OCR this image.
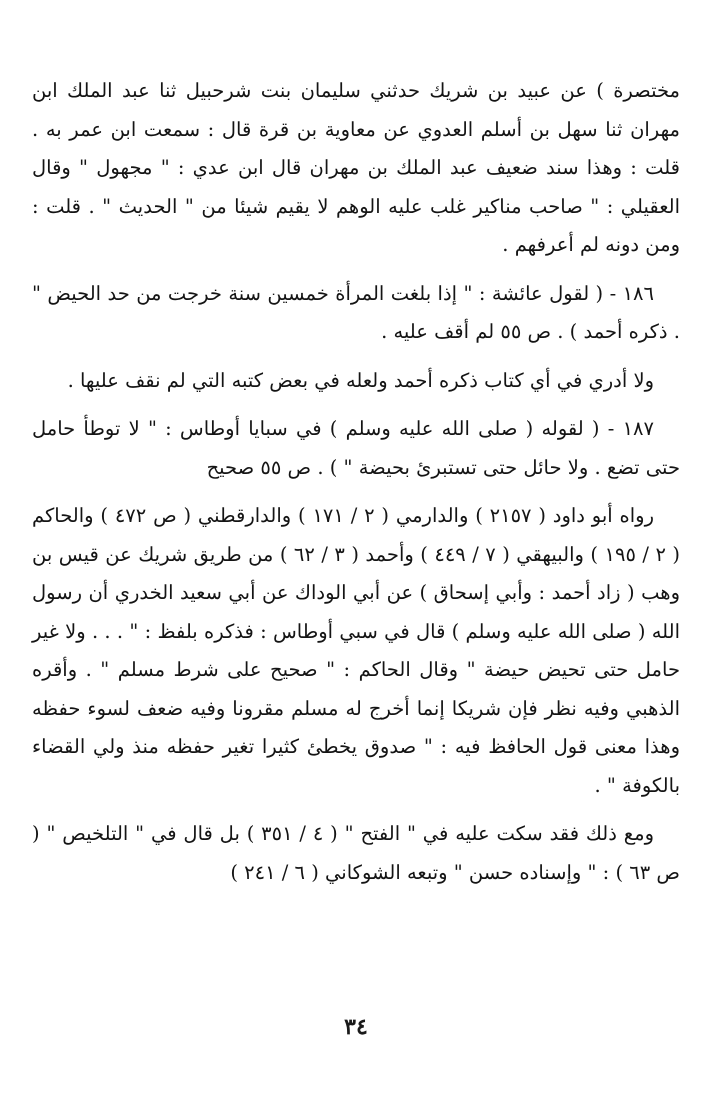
مختصرة ) عن عبيد بن شريك حدثني سليمان بنت شرحبيل ثنا عبد الملك ابن مهران ثنا سهل بن أسلم العدوي عن معاوية بن قرة قال : سمعت ابن عمر به . قلت : وهذا سند ضعيف عبد الملك بن مهران قال ابن عدي : " مجهول " وقال العقيلي : " صاحب مناكير غلب عليه الوهم لا يقيم شيئا من " الحديث " . قلت : ومن دونه لم أعرفهم .

١٨٦ - ( لقول عائشة : " إذا بلغت المرأة خمسين سنة خرجت من حد الحيض " . ذكره أحمد ) . ص ٥٥ لم أقف عليه .

ولا أدري في أي كتاب ذكره أحمد ولعله في بعض كتبه التي لم نقف عليها .

١٨٧ - ( لقوله ( صلى الله عليه وسلم ) في سبايا أوطاس : " لا توطأ حامل حتى تضع . ولا حائل حتى تستبرئ بحيضة " ) . ص ٥٥ صحيح

رواه أبو داود ( ٢١٥٧ ) والدارمي ( ٢ / ١٧١ ) والدارقطني ( ص ٤٧٢ ) والحاكم ( ٢ / ١٩٥ ) والبيهقي ( ٧ / ٤٤٩ ) وأحمد ( ٣ / ٦٢ ) من طريق شريك عن قيس بن وهب ( زاد أحمد : وأبي إسحاق ) عن أبي الوداك عن أبي سعيد الخدري أن رسول الله ( صلى الله عليه وسلم ) قال في سبي أوطاس : فذكره بلفظ : " . . . ولا غير حامل حتى تحيض حيضة " وقال الحاكم : " صحيح على شرط مسلم " . وأقره الذهبي وفيه نظر فإن شريكا إنما أخرج له مسلم مقرونا وفيه ضعف لسوء حفظه وهذا معنى قول الحافظ فيه : " صدوق يخطئ كثيرا تغير حفظه منذ ولي القضاء بالكوفة " .

ومع ذلك فقد سكت عليه في " الفتح " ( ٤ / ٣٥١ ) بل قال في " التلخيص " ( ص ٦٣ ) : " وإسناده حسن " وتبعه الشوكاني ( ٦ / ٢٤١ )

٣٤
